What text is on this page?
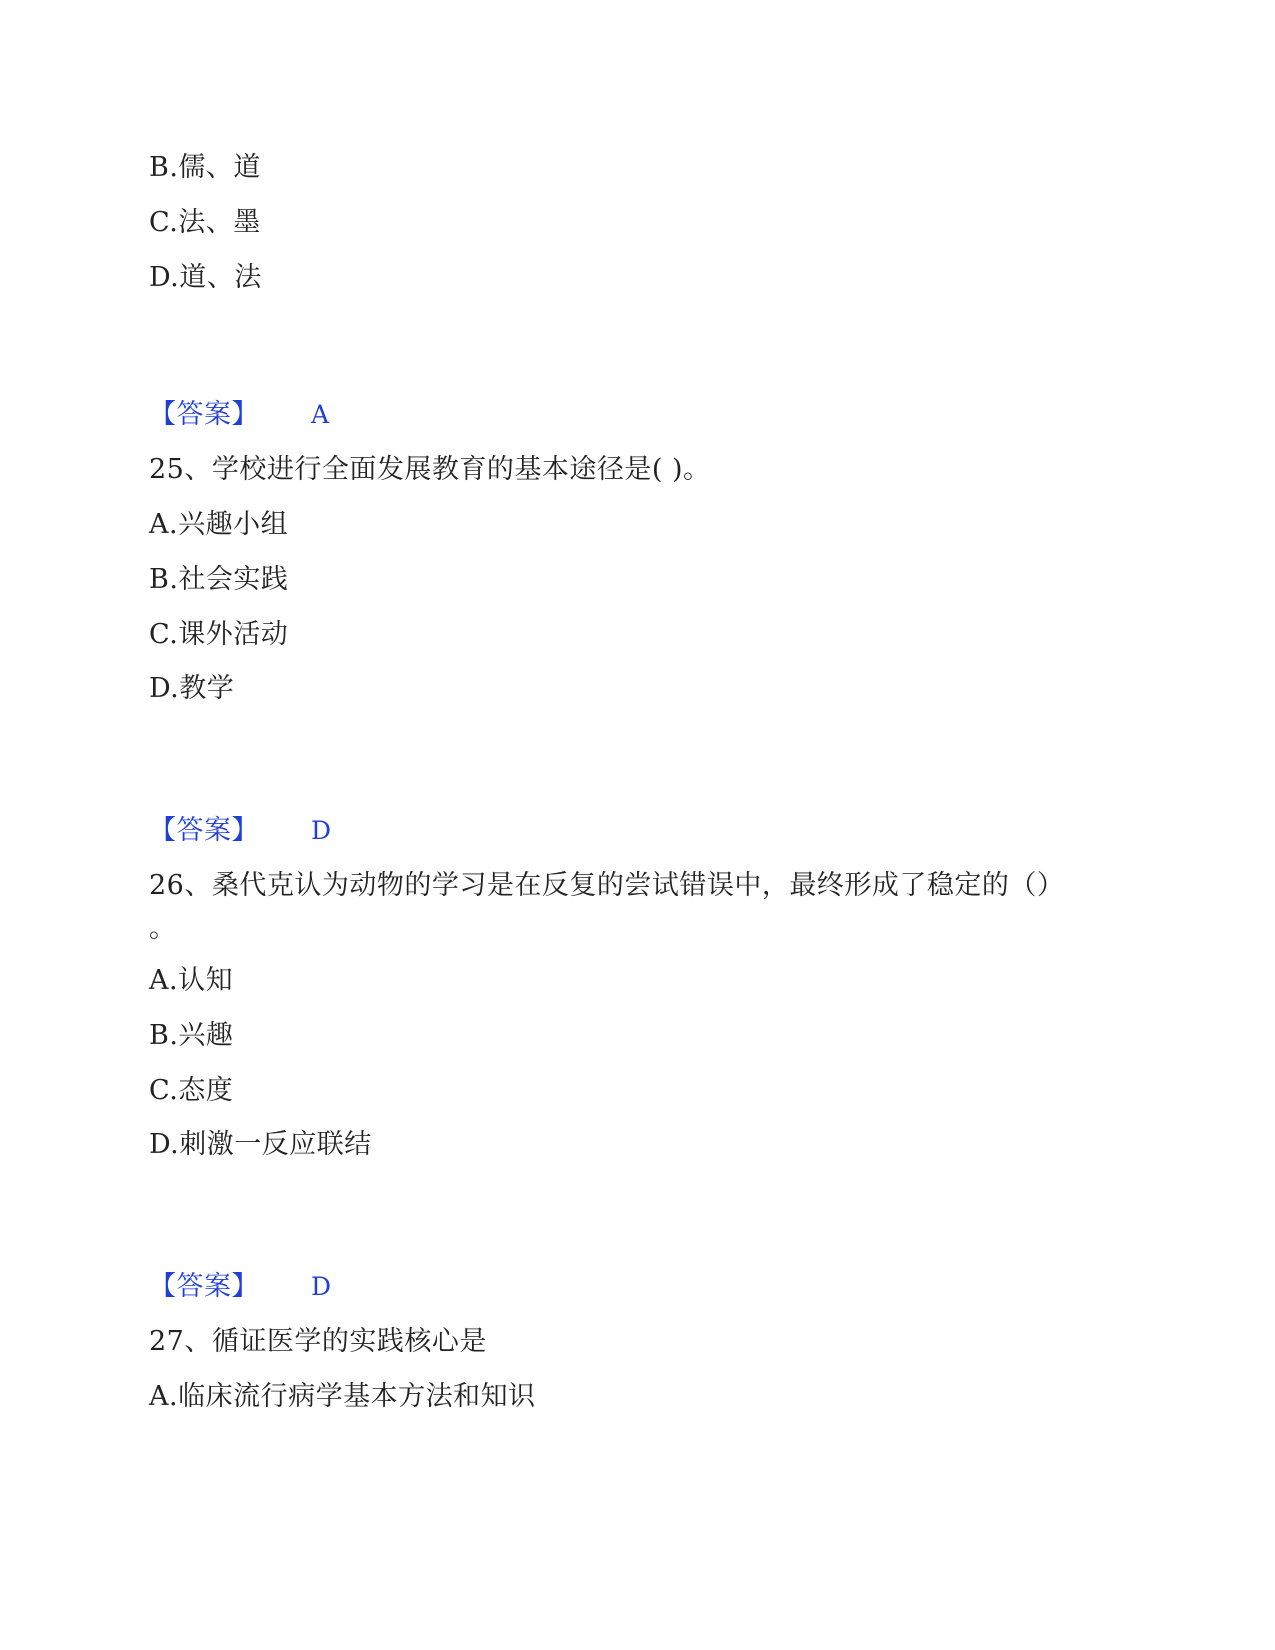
B.儒、道
C.法、墨
D.道、法
【答案】 A
25、学校进行全面发展教育的基本途径是( )。
A.兴趣小组
B.社会实践
C.课外活动
D.教学
【答案】 D
26、桑代克认为动物的学习是在反复的尝试错误中，最终形成了稳定的（）
。
A.认知
B.兴趣
C.态度
D.刺激一反应联结
【答案】 D
27、循证医学的实践核心是
A.临床流行病学基本方法和知识
